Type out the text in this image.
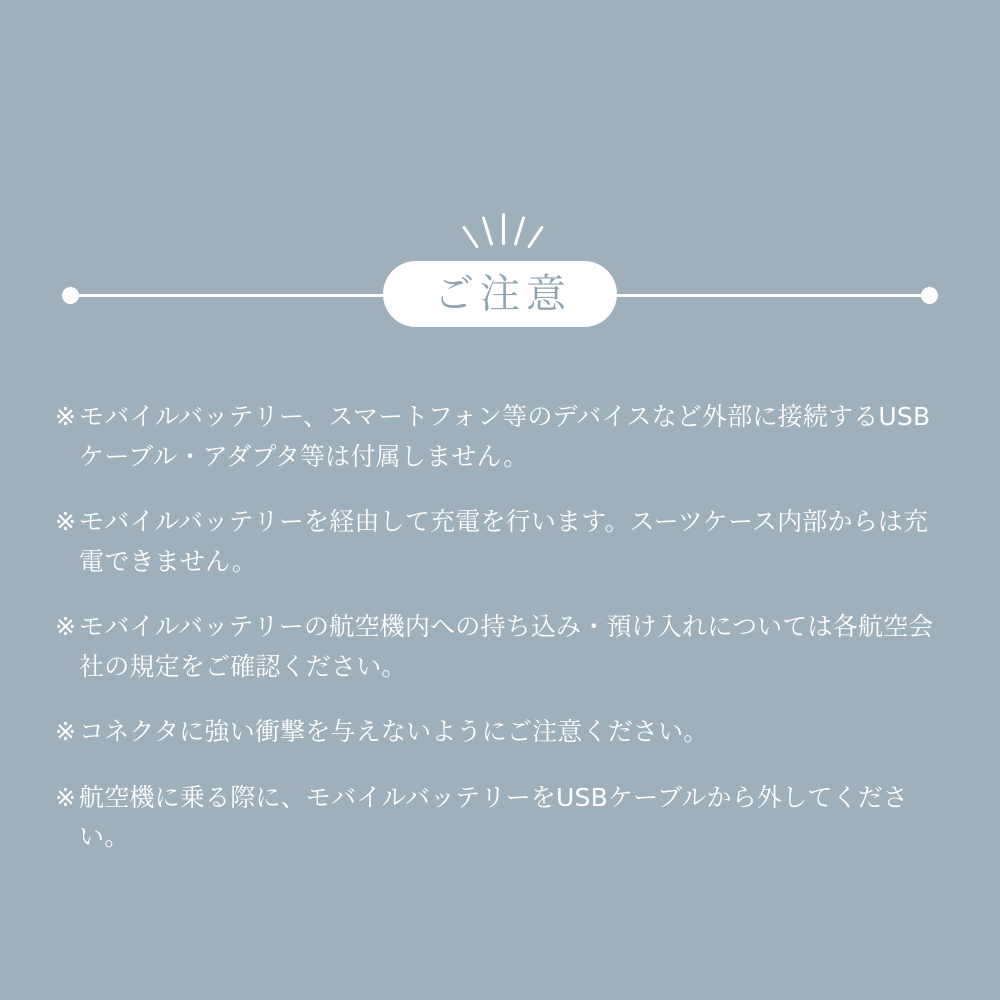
ご注意

※ モバイルバッテリー、スマートフォン等のデバイスなど外部に接続するUSBケーブル・アダプタ等は付属しません。

※ モバイルバッテリーを経由して充電を行います。スーツケース内部からは充電できません。

※ モバイルバッテリーの航空機内への持ち込み・預け入れについては各航空会社の規定をご確認ください。

※ コネクタに強い衝撃を与えないようにご注意ください。

※ 航空機に乗る際に、モバイルバッテリーをUSBケーブルから外してください。
